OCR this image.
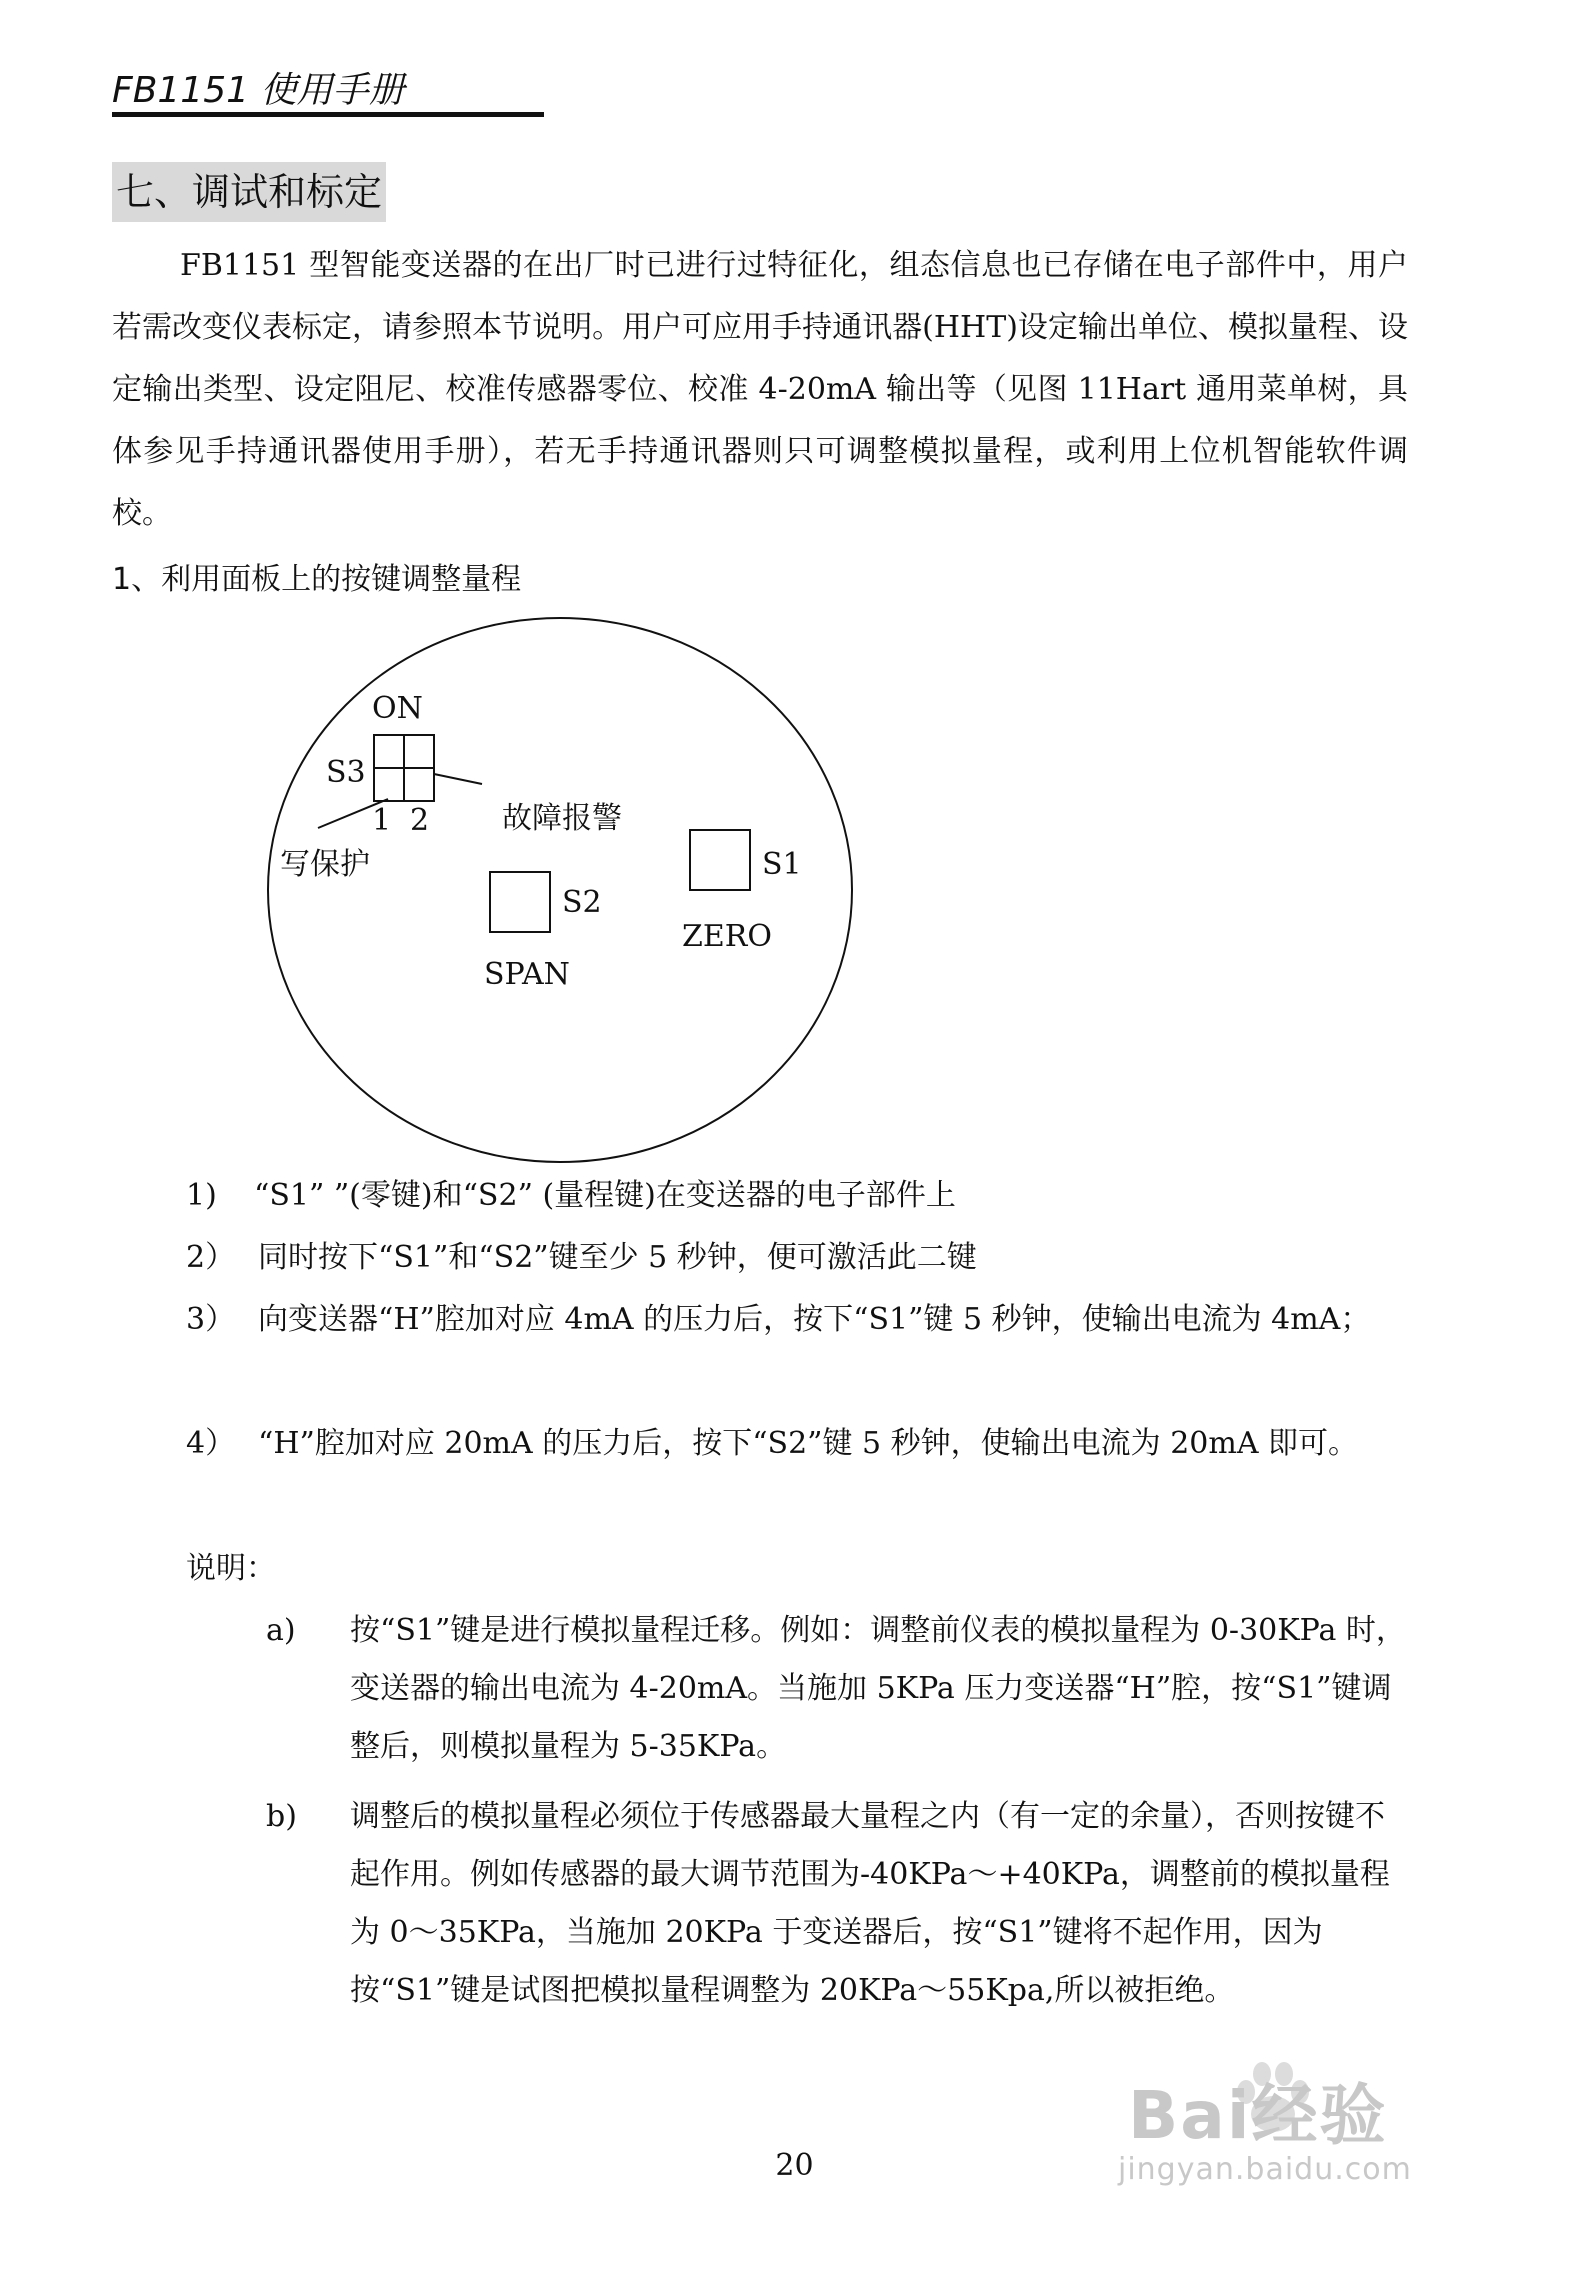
FB1151 使用手册
七、调试和标定
FB1151 型智能变送器的在出厂时已进行过特征化，组态信息也已存储在电子部件中，用户若需改变仪表标定，请参照本节说明。用户可应用手持通讯器(HHT)设定输出单位、模拟量程、设定输出类型、设定阻尼、校准传感器零位、校准 4-20mA 输出等（见图 11Hart 通用菜单树，具体参见手持通讯器使用手册），若无手持通讯器则只可调整模拟量程，或利用上位机智能软件调校。
1、利用面板上的按键调整量程
ON
S3
1 2 故障报警
写保护	S1
ZERO
S2
SPAN
1) “S1” ”(零键)和“S2” (量程键)在变送器的电子部件上
2） 同时按下“S1”和“S2”键至少 5 秒钟，便可激活此二键
3） 向变送器“H”腔加对应 4mA 的压力后，按下“S1”键 5 秒钟，使输出电流为 4mA；
4） “H”腔加对应 20mA 的压力后，按下“S2”键 5 秒钟，使输出电流为 20mA 即可。
说明：
a) 按“S1”键是进行模拟量程迁移。例如：调整前仪表的模拟量程为 0-30KPa 时，变送器的输出电流为 4-20mA。当施加 5KPa 压力变送器“H”腔，按“S1”键调整后，则模拟量程为 5-35KPa。
b) 调整后的模拟量程必须位于传感器最大量程之内（有一定的余量），否则按键不起作用。例如传感器的最大调节范围为-40KPa～+40KPa，调整前的模拟量程为 0～35KPa，当施加 20KPa 于变送器后，按“S1”键将不起作用，因为按“S1”键是试图把模拟量程调整为 20KPa～55Kpa,所以被拒绝。
Bai经验
jingyan.baidu.com
20
